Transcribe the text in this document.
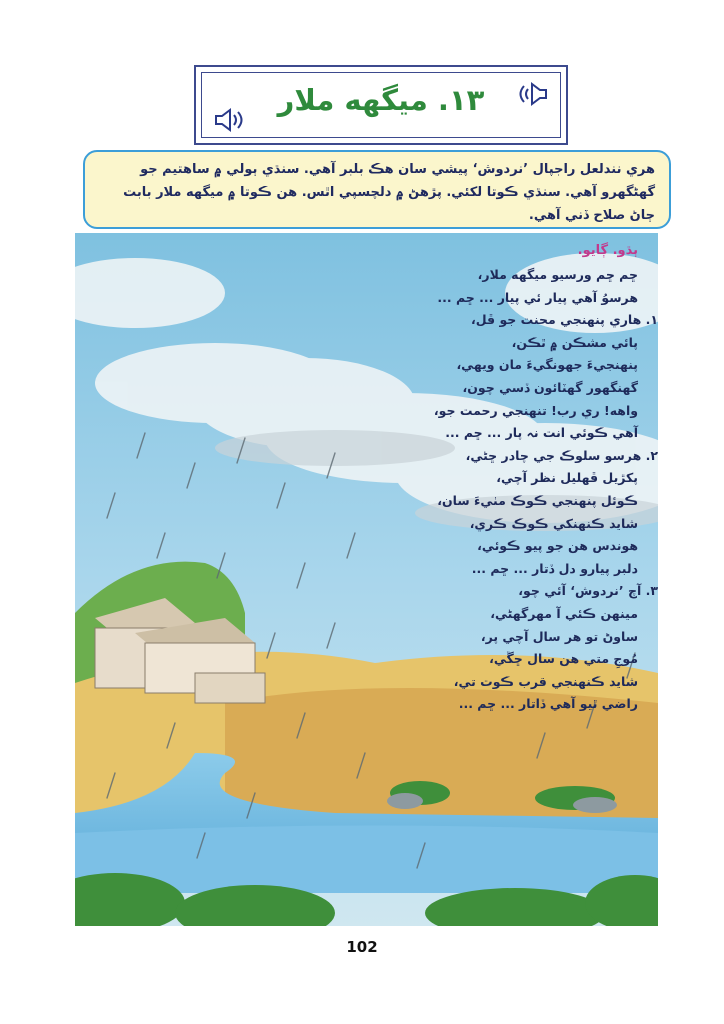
١٣. ميگهه ملار
هري نندلعل راجپال ’نردوش‘ پيشي سان هڪ بلبر آهي. سنڌي ٻولي ۾ ساهتيم جو گهڻگهرو آهي. سنڌي ڪوتا لکئي. پڙهڻ ۾ دلچسپي اٿس. هن ڪوتا ۾ ميگهه ملار بابت ڄاڻ صلاح ڏني آهي.
ٻڌو. ڳايو.
ڇم ڇم ورسيو ميگهه ملار،
هرسوُ آهي پيار ئي پيار ... ڇم ...
١. هاري پنهنجي محنت جو ڦل،
پائي مشڪن ۾ ٿڪن،
پنهنجيءَ جهونگيءَ مان ويهي،
گهنگهور گهٽائون ڏسي چون،
واهه! ري رب! تنهنجي رحمت جو،
آهي ڪوئي انت نہ پار ... ڇم ...
٢. هرسو سلوڪ جي چادر ڇڻي،
پکڙيل ڦهليل نظر آچي،
ڪوئل پنهنجي ڪوڪ مٺيءَ سان،
شايد ڪنهنکي ڪوڪ ڪري،
هوندس هن جو پيو ڪوئي،
دلبر پيارو دل ڏتار ... ڇم ...
٣. آچ ’نردوش‘ آئي چو،
مينهن ڪئي آ مهرگهڻي،
ساوڻ تو هر سال آچي پر،
مُوجِ متي هن سال ڇڱي،
شايد ڪنهنجي قرب ڪوت تي،
راضي ٿيو آهي ڏاتار ... ڇم ...
102
